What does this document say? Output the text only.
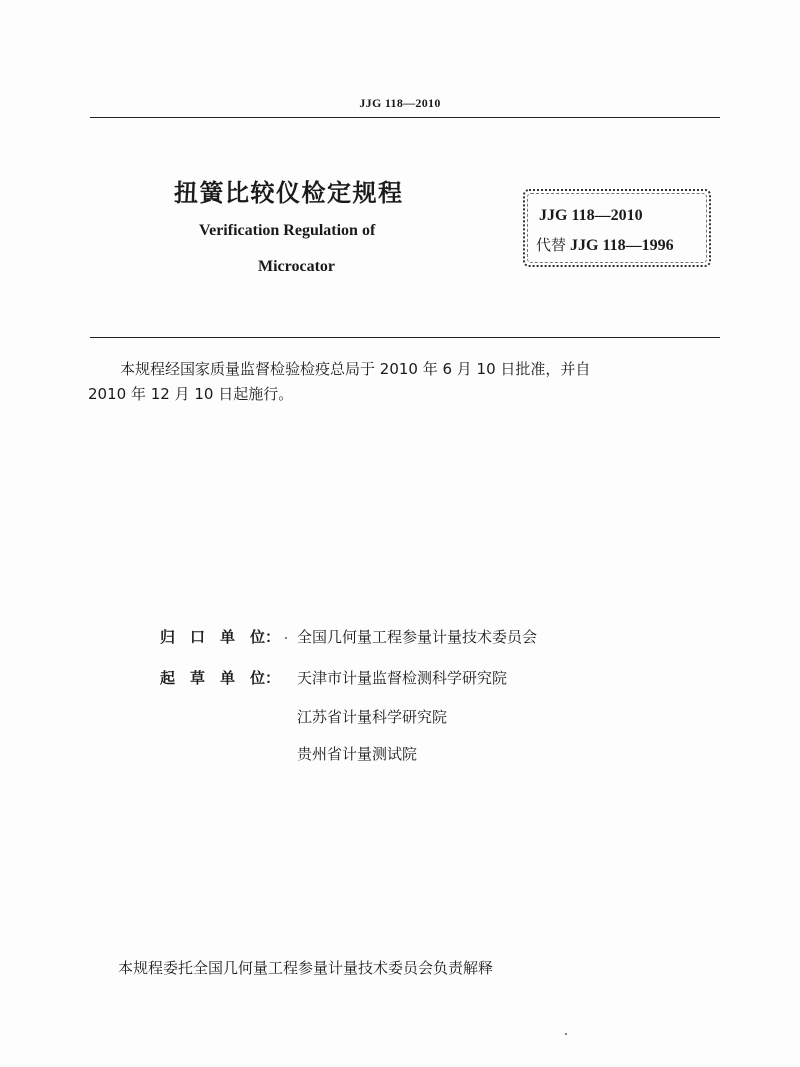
JJG 118—2010
扭簧比较仪检定规程
Verification Regulation of
Microcator
JJG 118—2010
代替 JJG 118—1996
本规程经国家质量监督检验检疫总局于 2010 年 6 月 10 日批准，并自
2010 年 12 月 10 日起施行。
归 口 单 位： 全国几何量工程参量计量技术委员会
起 草 单 位： 天津市计量监督检测科学研究院
江苏省计量科学研究院
贵州省计量测试院
本规程委托全国几何量工程参量计量技术委员会负责解释
